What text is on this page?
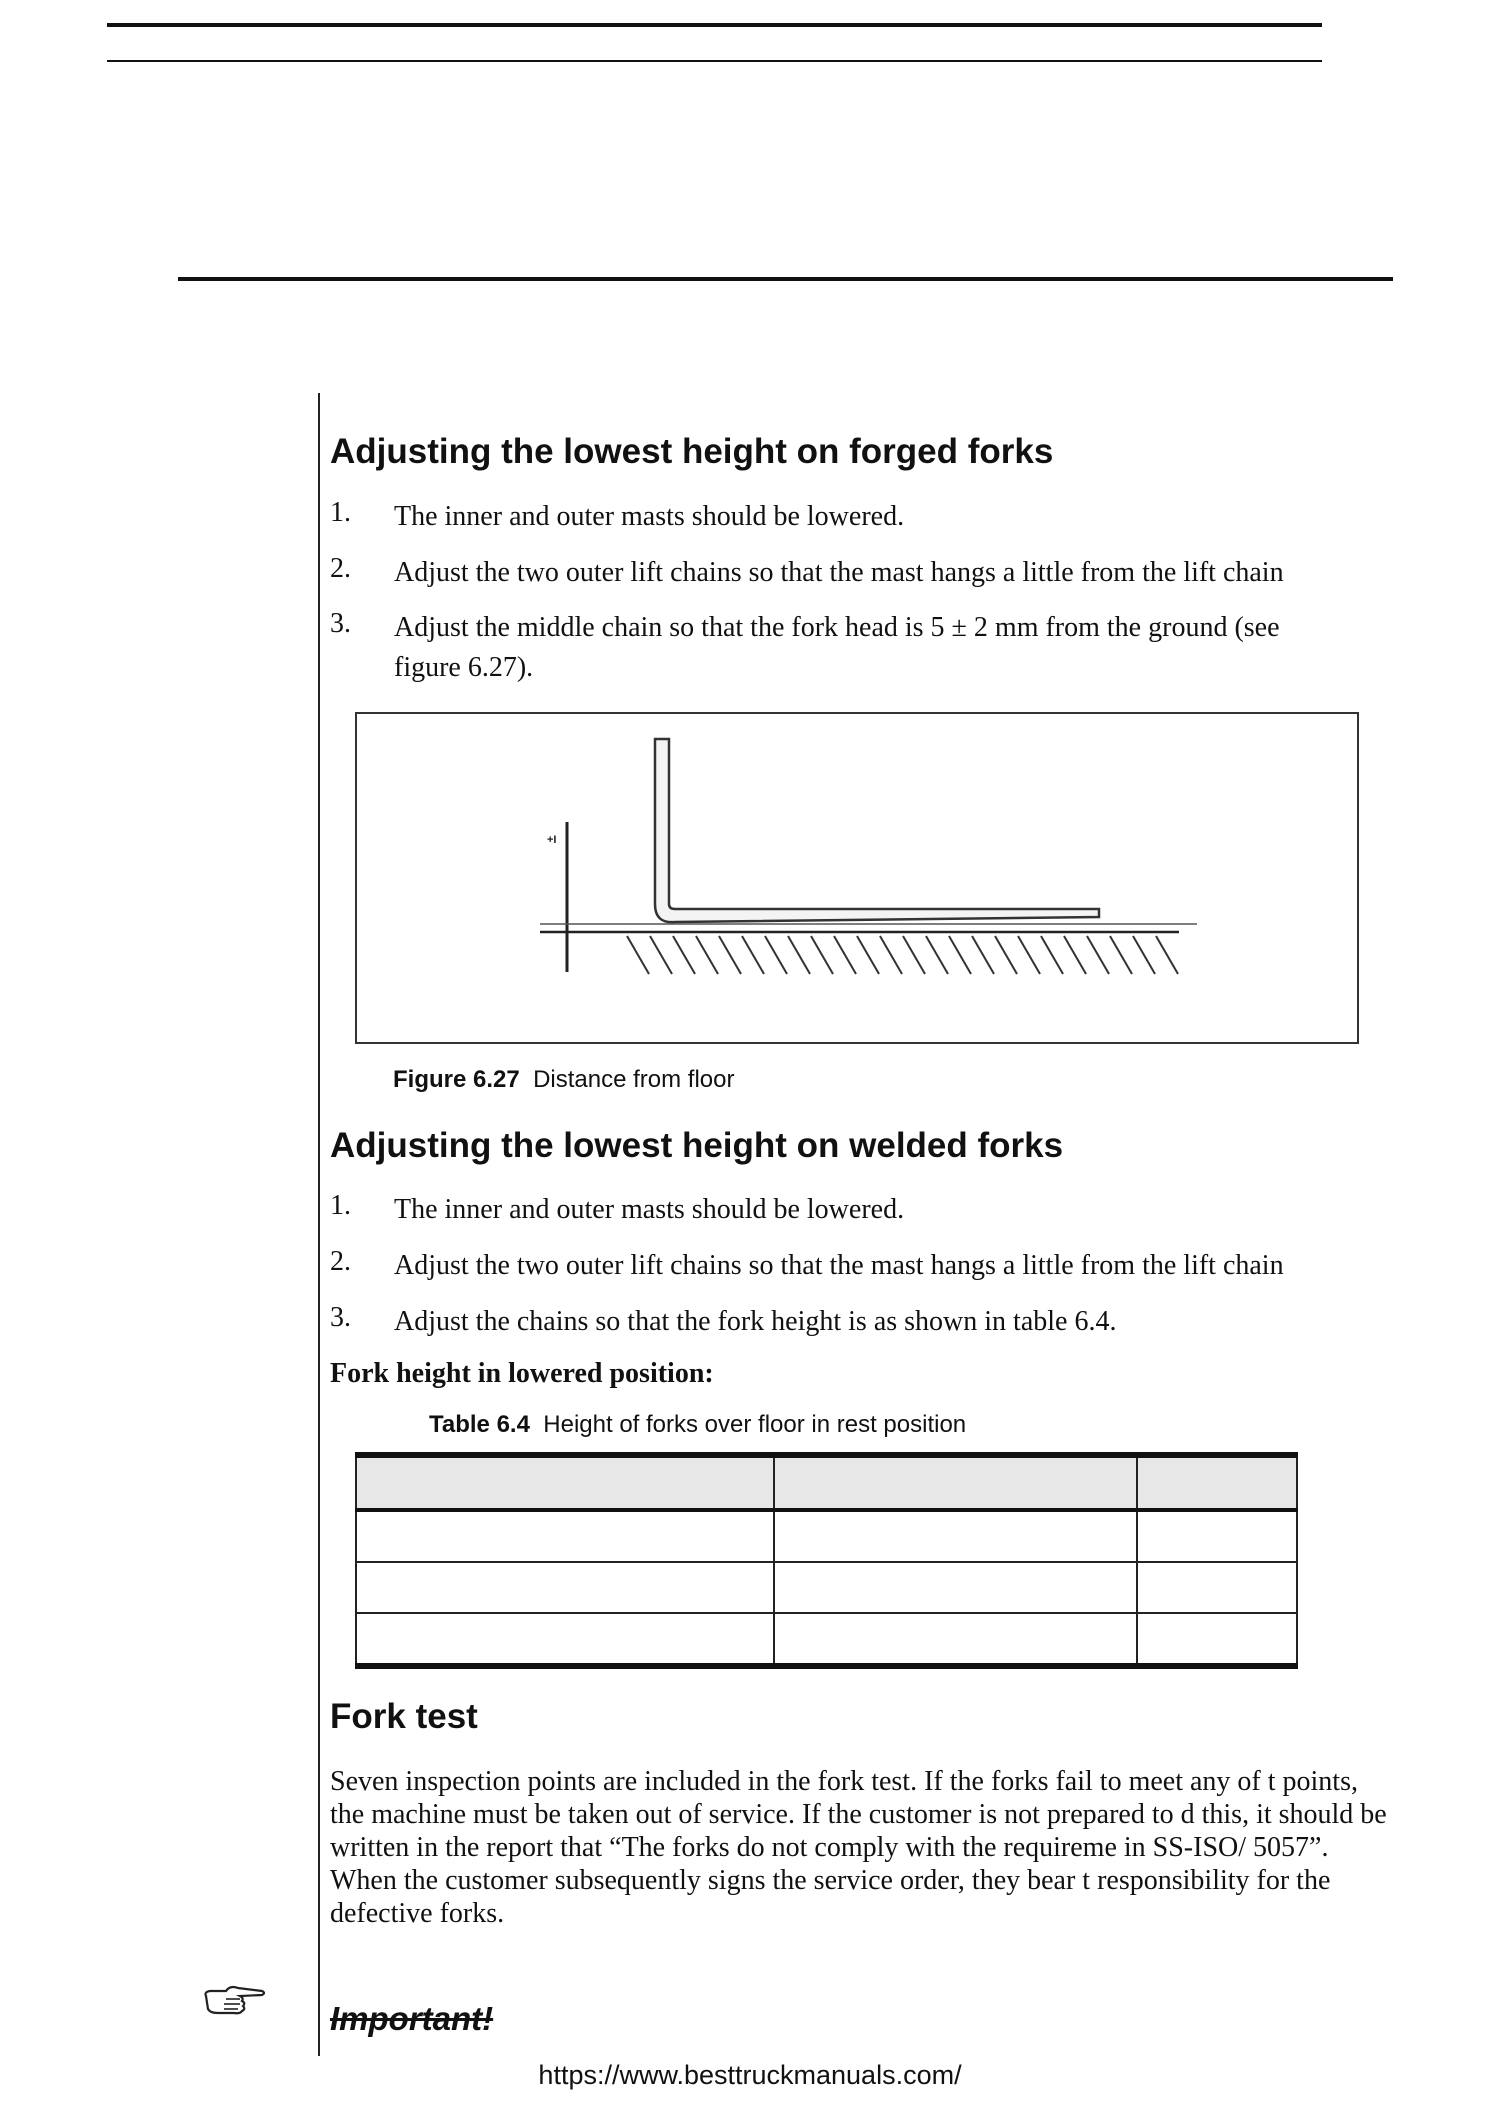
Adjusting the lowest height on forged forks
1. The inner and outer masts should be lowered.
2. Adjust the two outer lift chains so that the mast hangs a little from the lift chain
3. Adjust the middle chain so that the fork head is 5 ± 2 mm from the ground (see figure 6.27).
+I
Figure 6.27 Distance from floor
Adjusting the lowest height on welded forks
1. The inner and outer masts should be lowered.
2. Adjust the two outer lift chains so that the mast hangs a little from the lift chain
3. Adjust the chains so that the fork height is as shown in table 6.4.
Fork height in lowered position:
Table 6.4 Height of forks over floor in rest position

Fork test
Seven inspection points are included in the fork test. If the forks fail to meet any of t points, the machine must be taken out of service. If the customer is not prepared to d this, it should be written in the report that “The forks do not comply with the requireme in SS-ISO/ 5057”. When the customer subsequently signs the service order, they bear t responsibility for the defective forks.
Important!
https://www.besttruckmanuals.com/
